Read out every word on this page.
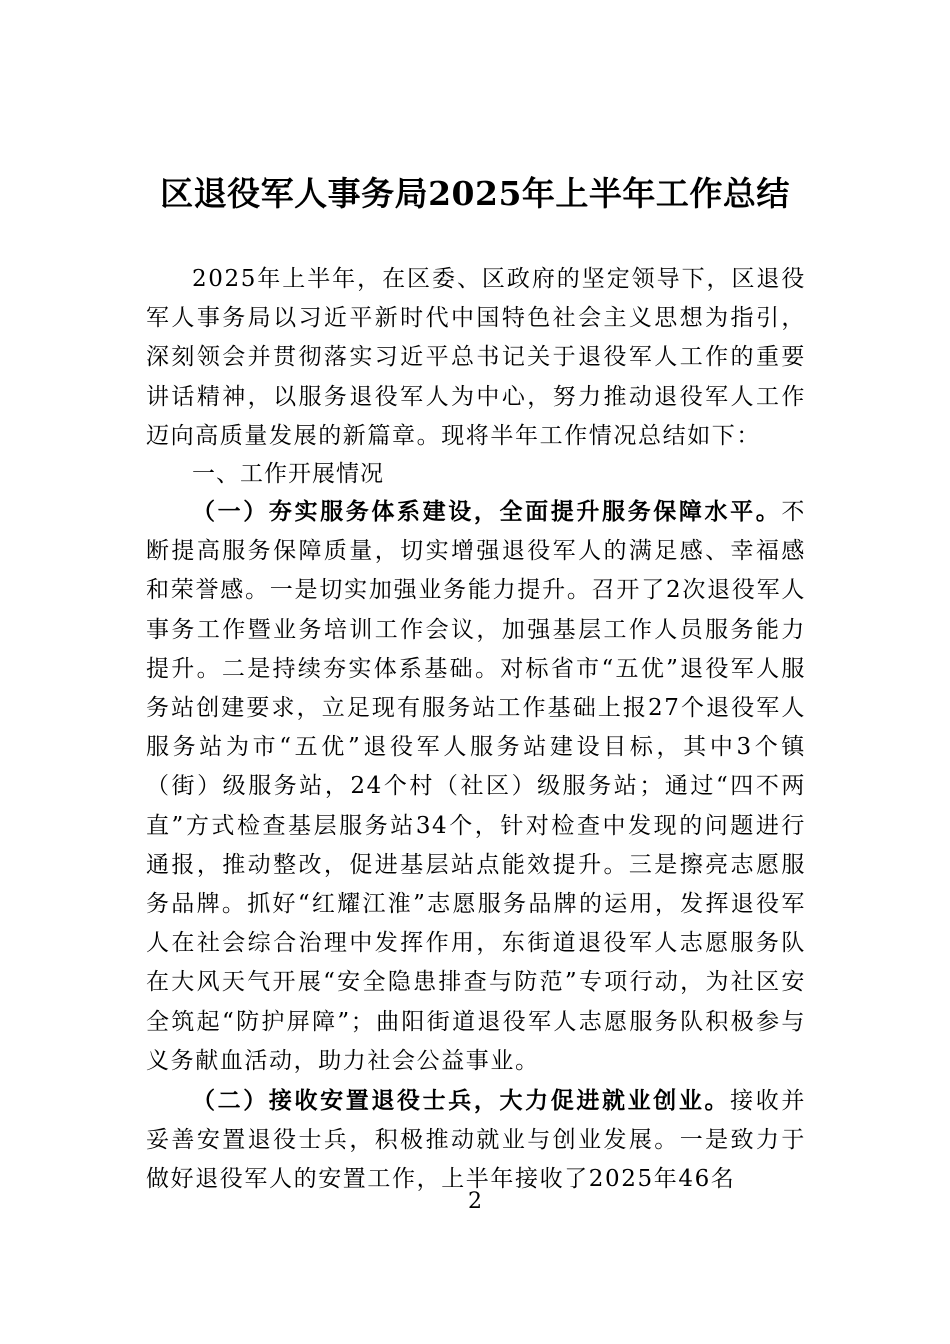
区退役军人事务局2025年上半年工作总结

2025年上半年，在区委、区政府的坚定领导下，区退役军人事务局以习近平新时代中国特色社会主义思想为指引，深刻领会并贯彻落实习近平总书记关于退役军人工作的重要讲话精神，以服务退役军人为中心，努力推动退役军人工作迈向高质量发展的新篇章。现将半年工作情况总结如下：

一、工作开展情况

（一）夯实服务体系建设，全面提升服务保障水平。不断提高服务保障质量，切实增强退役军人的满足感、幸福感和荣誉感。一是切实加强业务能力提升。召开了2次退役军人事务工作暨业务培训工作会议，加强基层工作人员服务能力提升。二是持续夯实体系基础。对标省市“五优”退役军人服务站创建要求，立足现有服务站工作基础上报27个退役军人服务站为市“五优”退役军人服务站建设目标，其中3个镇（街）级服务站，24个村（社区）级服务站；通过“四不两直”方式检查基层服务站34个，针对检查中发现的问题进行通报，推动整改，促进基层站点能效提升。三是擦亮志愿服务品牌。抓好“红耀江淮”志愿服务品牌的运用，发挥退役军人在社会综合治理中发挥作用，东街道退役军人志愿服务队在大风天气开展“安全隐患排查与防范”专项行动，为社区安全筑起“防护屏障”；曲阳街道退役军人志愿服务队积极参与义务献血活动，助力社会公益事业。

（二）接收安置退役士兵，大力促进就业创业。接收并妥善安置退役士兵，积极推动就业与创业发展。一是致力于做好退役军人的安置工作，上半年接收了2025年46名

2
